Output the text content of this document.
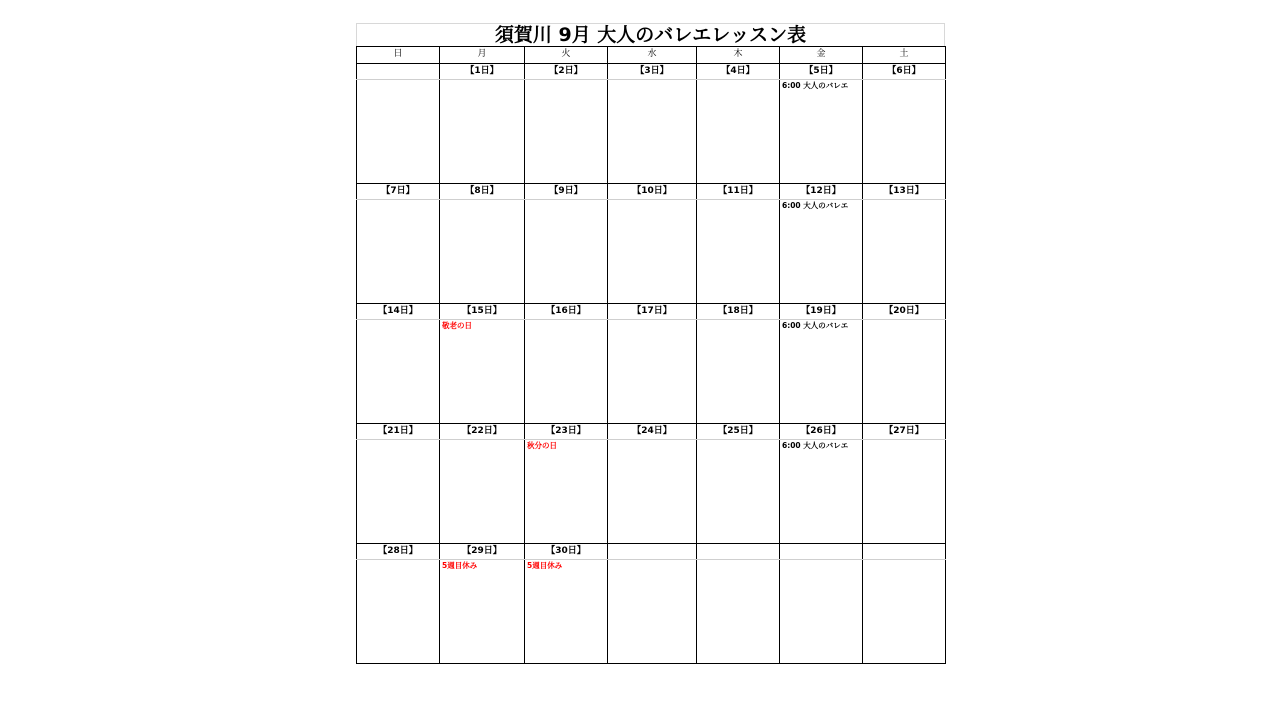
須賀川 9月 大人のバレエレッスン表
日	月	火	水	木	金	土
	【1日】	【2日】	【3日】	【4日】	【5日】	【6日】

					6:00 大人のバレエ	

【7日】	【8日】	【9日】	【10日】	【11日】	【12日】	【13日】

					6:00 大人のバレエ	

【14日】	【15日】	【16日】	【17日】	【18日】	【19日】	【20日】

	敬老の日				6:00 大人のバレエ	

【21日】	【22日】	【23日】	【24日】	【25日】	【26日】	【27日】

		秋分の日			6:00 大人のバレエ	

【28日】	【29日】	【30日】				

	5週目休み	5週目休み				
